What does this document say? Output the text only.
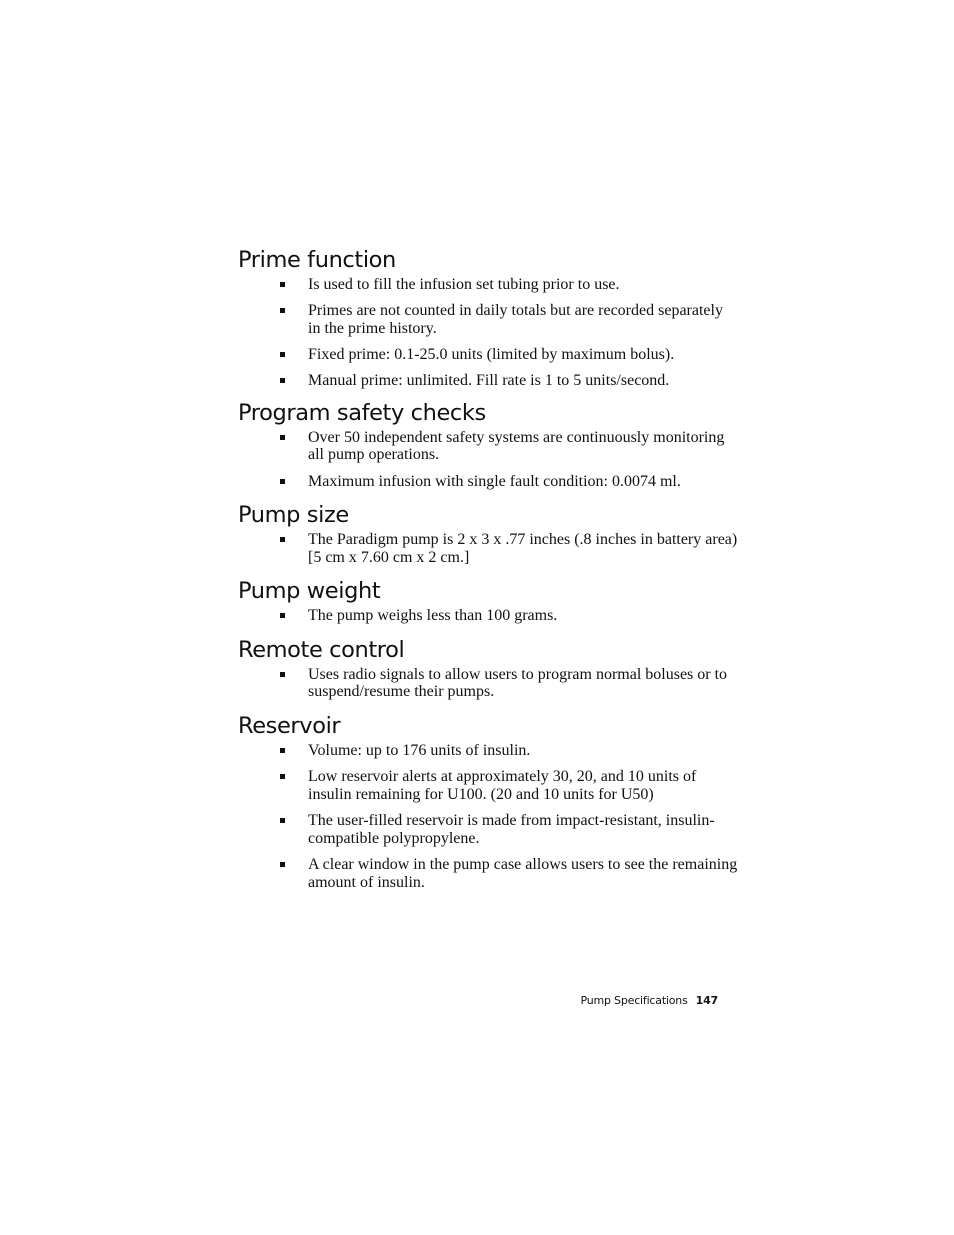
Prime function
Is used to fill the infusion set tubing prior to use.
Primes are not counted in daily totals but are recorded separately in the prime history.
Fixed prime: 0.1-25.0 units (limited by maximum bolus).
Manual prime: unlimited. Fill rate is 1 to 5 units/second.
Program safety checks
Over 50 independent safety systems are continuously monitoring all pump operations.
Maximum infusion with single fault condition: 0.0074 ml.
Pump size
The Paradigm pump is 2 x 3 x .77 inches (.8 inches in battery area) [5 cm x 7.60 cm x 2 cm.]
Pump weight
The pump weighs less than 100 grams.
Remote control
Uses radio signals to allow users to program normal boluses or to suspend/resume their pumps.
Reservoir
Volume: up to 176 units of insulin.
Low reservoir alerts at approximately 30, 20, and 10 units of insulin remaining for U100. (20 and 10 units for U50)
The user-filled reservoir is made from impact-resistant, insulin-compatible polypropylene.
A clear window in the pump case allows users to see the remaining amount of insulin.
Pump Specifications 147
